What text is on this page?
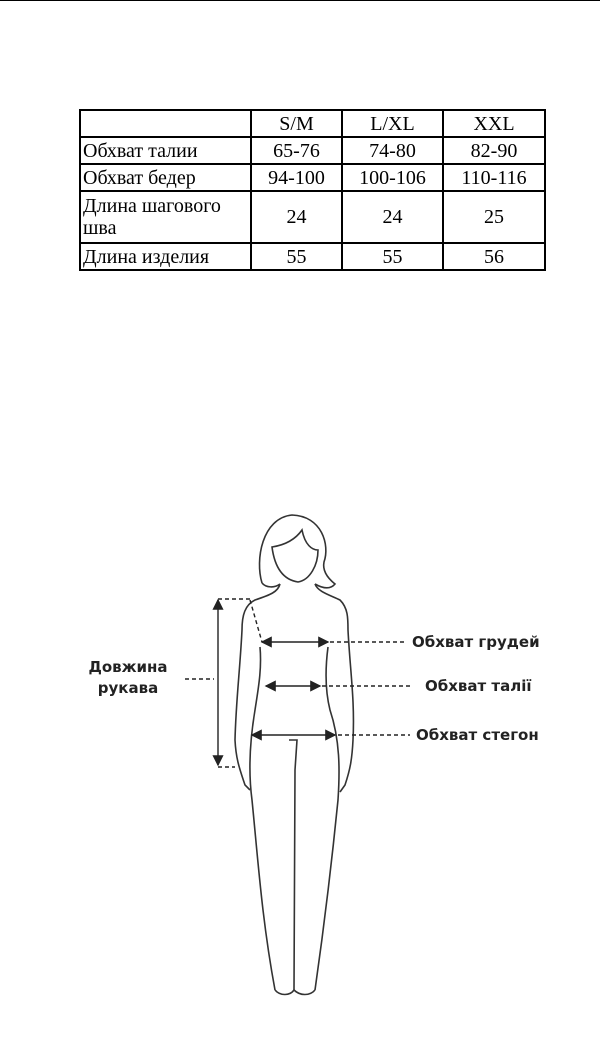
	S/M	L/XL	XXL
Обхват талии	65-76	74-80	82-90
Обхват бедер	94-100	100-106	110-116
Длина шагового шва	24	24	25
Длина изделия	55	55	56
Довжина
рукава
Обхват грудей
Обхват талії
Обхват стегон
